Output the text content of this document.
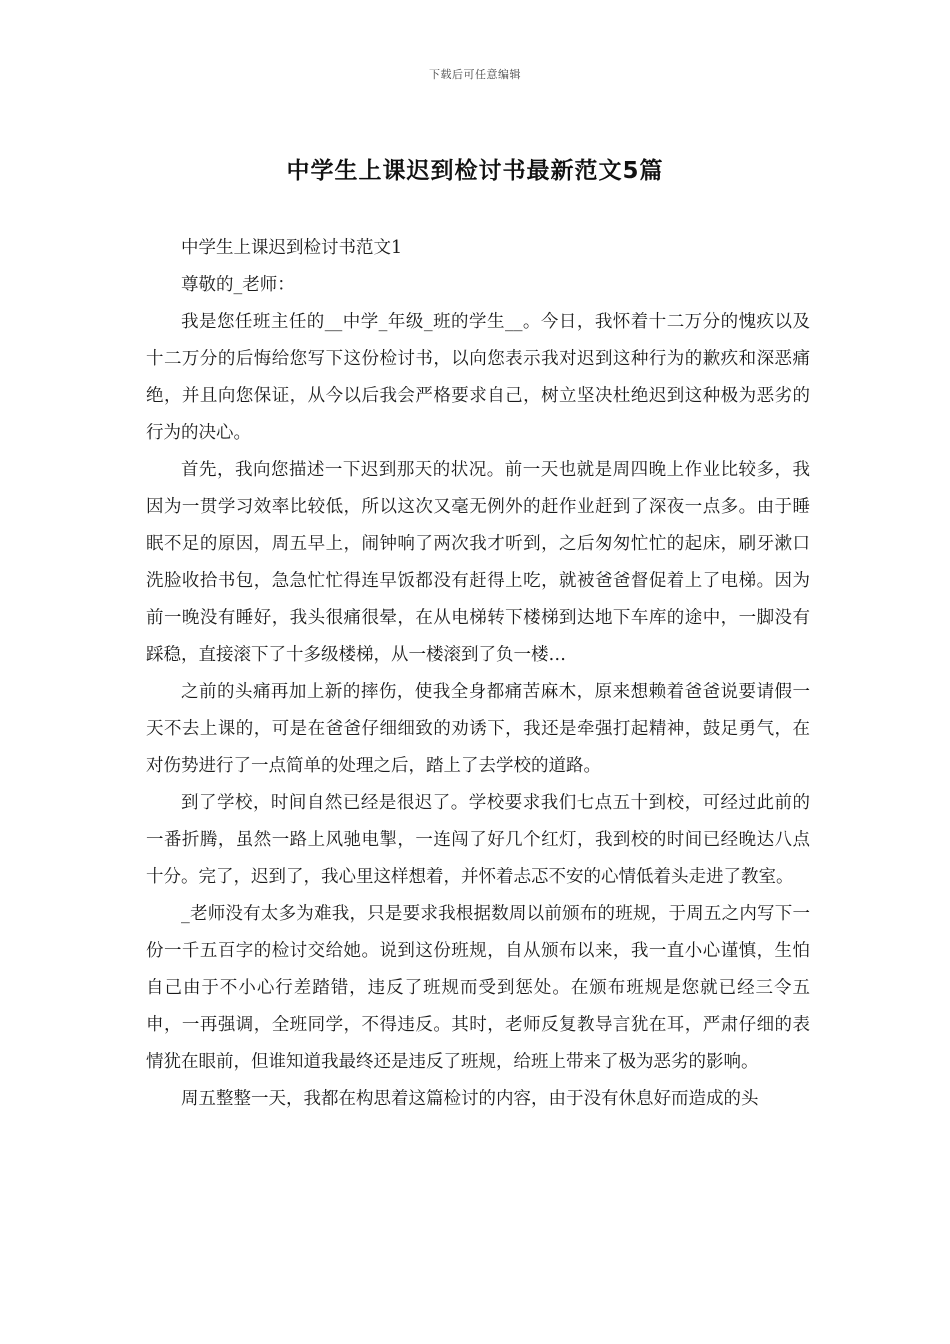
下载后可任意编辑
中学生上课迟到检讨书最新范文5篇

中学生上课迟到检讨书范文1

尊敬的_老师：

我是您任班主任的__中学_年级_班的学生__。今日，我怀着十二万分的愧疚以及十二万分的后悔给您写下这份检讨书，以向您表示我对迟到这种行为的歉疚和深恶痛绝，并且向您保证，从今以后我会严格要求自己，树立坚决杜绝迟到这种极为恶劣的行为的决心。

首先，我向您描述一下迟到那天的状况。前一天也就是周四晚上作业比较多，我因为一贯学习效率比较低，所以这次又毫无例外的赶作业赶到了深夜一点多。由于睡眠不足的原因，周五早上，闹钟响了两次我才听到，之后匆匆忙忙的起床，刷牙漱口洗脸收拾书包，急急忙忙得连早饭都没有赶得上吃，就被爸爸督促着上了电梯。因为前一晚没有睡好，我头很痛很晕，在从电梯转下楼梯到达地下车库的途中，一脚没有踩稳，直接滚下了十多级楼梯，从一楼滚到了负一楼…

之前的头痛再加上新的摔伤，使我全身都痛苦麻木，原来想赖着爸爸说要请假一天不去上课的，可是在爸爸仔细细致的劝诱下，我还是牵强打起精神，鼓足勇气，在对伤势进行了一点简单的处理之后，踏上了去学校的道路。

到了学校，时间自然已经是很迟了。学校要求我们七点五十到校，可经过此前的一番折腾，虽然一路上风驰电掣，一连闯了好几个红灯，我到校的时间已经晚达八点十分。完了，迟到了，我心里这样想着，并怀着忐忑不安的心情低着头走进了教室。

_老师没有太多为难我，只是要求我根据数周以前颁布的班规，于周五之内写下一份一千五百字的检讨交给她。说到这份班规，自从颁布以来，我一直小心谨慎，生怕自己由于不小心行差踏错，违反了班规而受到惩处。在颁布班规是您就已经三令五申，一再强调，全班同学，不得违反。其时，老师反复教导言犹在耳，严肃仔细的表情犹在眼前，但谁知道我最终还是违反了班规，给班上带来了极为恶劣的影响。

周五整整一天，我都在构思着这篇检讨的内容，由于没有休息好而造成的头
